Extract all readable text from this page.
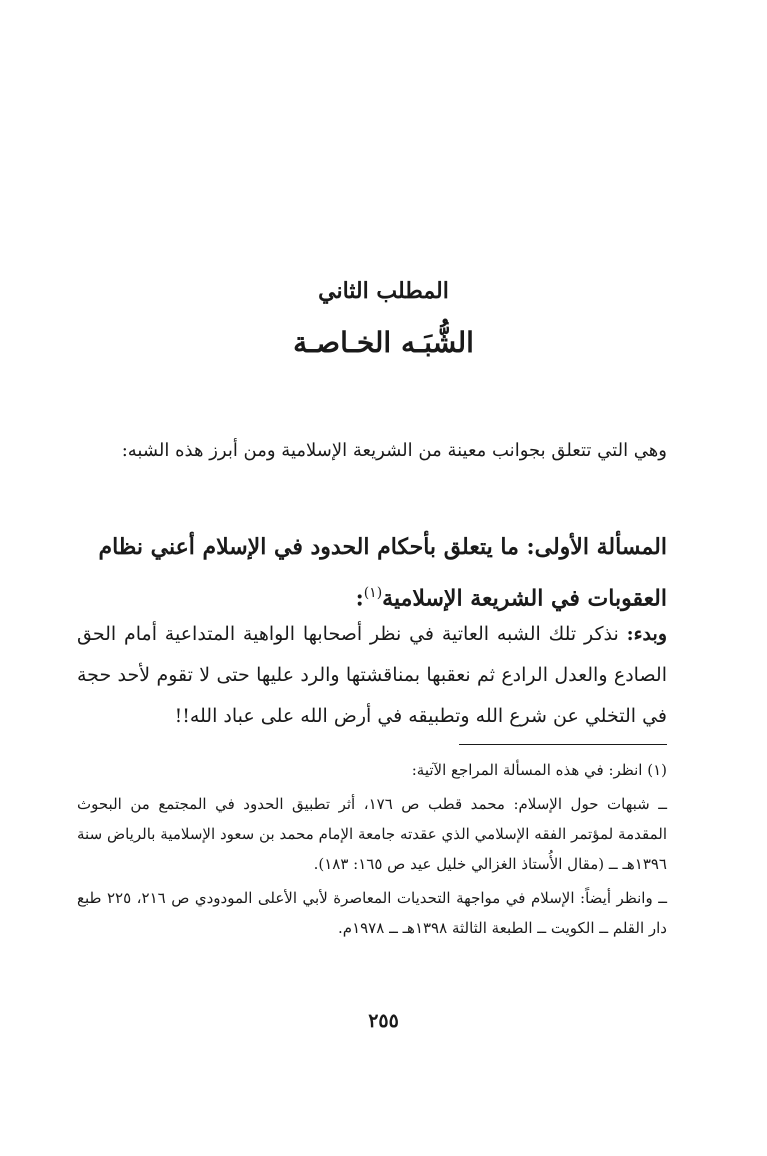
المطلب الثاني
الشُّبَـه الخـاصـة
وهي التي تتعلق بجوانب معينة من الشريعة الإسلامية ومن أبرز هذه الشبه:
المسألة الأولى: ما يتعلق بأحكام الحدود في الإسلام أعني نظام العقوبات في الشريعة الإسلامية$^{(١)}$:
وبدء: نذكر تلك الشبه العاتية في نظر أصحابها الواهية المتداعية أمام الحق الصادع والعدل الرادع ثم نعقبها بمناقشتها والرد عليها حتى لا تقوم لأحد حجة في التخلي عن شرع الله وتطبيقه في أرض الله على عباد الله!!

(١) انظر: في هذه المسألة المراجع الآتية:

ــ شبهات حول الإسلام: محمد قطب ص ١٧٦، أثر تطبيق الحدود في المجتمع من البحوث المقدمة لمؤتمر الفقه الإسلامي الذي عقدته جامعة الإمام محمد بن سعود الإسلامية بالرياض سنة ١٣٩٦هـ ــ (مقال الأُستاذ الغزالي خليل عيد ص ١٦٥: ١٨٣).

ــ وانظر أيضاً: الإسلام في مواجهة التحديات المعاصرة لأبي الأعلى المودودي ص ٢١٦، ٢٢٥ طبع دار القلم ــ الكويت ــ الطبعة الثالثة ١٣٩٨هـ ــ ١٩٧٨م.

٢٥٥
